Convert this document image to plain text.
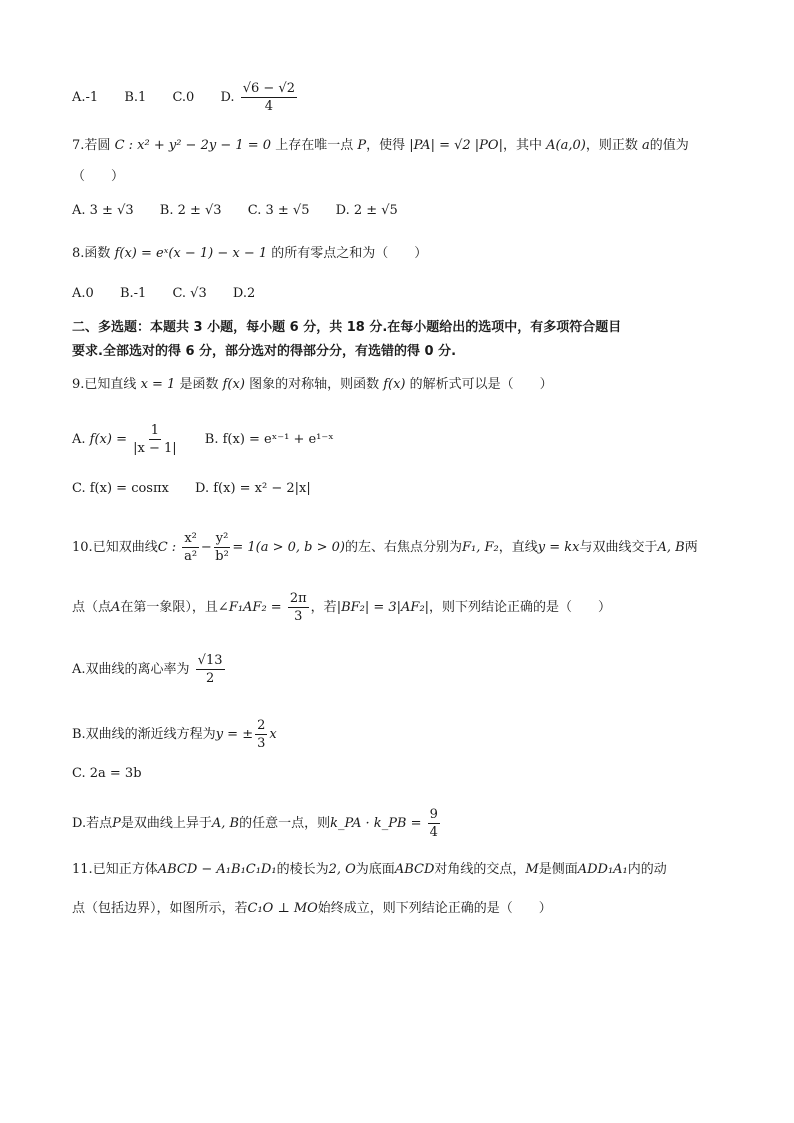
A.-1 B.1 C.0 D. $\frac{√6 - √2}{4}$
7.若圆 C : x² + y² − 2y − 1 = 0 上存在唯一点 P，使得 |PA| = √2 |PO|，其中 A(a,0)，则正数 a的值为
（　　）
A. 3 ± √3 B. 2 ± √3 C. 3 ± √5 D. 2 ± √5
8.函数 f(x) = eˣ(x − 1) − x − 1 的所有零点之和为（　　）
A.0 B.-1 C. √3 D.2
二、多选题：本题共 3 小题，每小题 6 分，共 18 分.在每小题给出的选项中，有多项符合题目
要求.全部选对的得 6 分，部分选对的得部分分，有选错的得 0 分.
9.已知直线 x = 1 是函数 f(x) 图象的对称轴，则函数 f(x) 的解析式可以是（　　）
A. $f(x) = \frac{1}{|x - 1|} B$. f(x) = eˣ⁻¹ + e¹⁻ˣ
C. f(x) = cosπx D. f(x) = x² − 2|x|
10.已知双曲线C : $\frac{\text{x²}}{\text{a²}} - \frac{\text{y²}}{\text{b²}} = 1(a > 0$, b > 0)的左、右焦点分别为F₁, F₂，直线y = kx与双曲线交于A, B两
点（点A在第一象限），且∠F₁AF₂ = $\frac{2\pi}{3}$ ，若|BF₂| = 3|AF₂|，则下列结论正确的是（　　）
A.双曲线的离心率为 $\frac{√13}{2}$
B.双曲线的渐近线方程为y = ± $\frac{2}{3}$ x
C. 2a = 3b
D.若点P是双曲线上异于A, B的任意一点，则k_PA · k_PB = $\frac{9}{4}$
11.已知正方体ABCD − A₁B₁C₁D₁的棱长为2, O为底面ABCD对角线的交点，M是侧面ADD₁A₁内的动
点（包括边界），如图所示，若C₁O ⊥ MO始终成立，则下列结论正确的是（　　）
